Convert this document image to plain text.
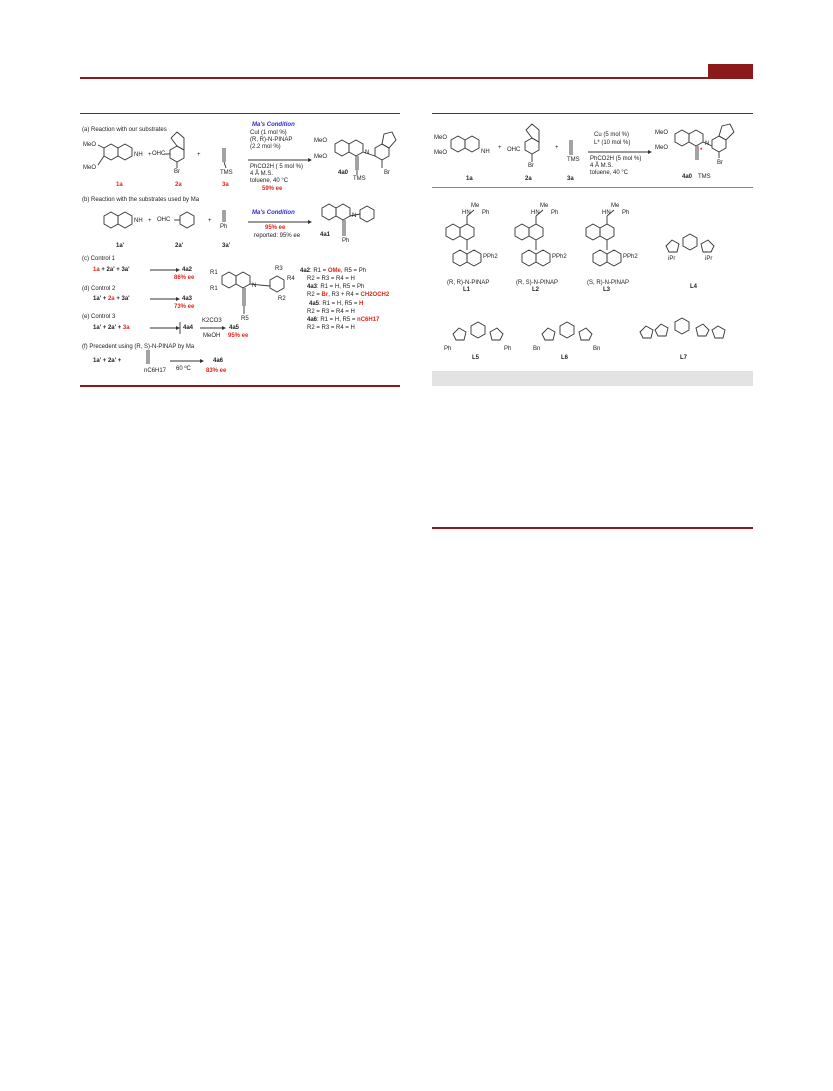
(a) Reaction with our substrates
MeO
MeO
NH + OHC
Br
+
TMS
Ma's Condition
CuI (1 mol %)
(R, R)-N-PINAP
(2.2 mol %)
PhCO2H ( 5 mol %)
4 Å M.S.
toluene, 40 °C
59% ee
MeO
MeO
N
TMS
Br
1a	2a	3a
4a0
(b) Reaction with the substrates used by Ma
NH + OHC	+
Ph
Ma's Condition
95% ee
reported: 95% ee
N
Ph
1a'	2a'	3a'
4a1
(c) Control 1
1a + 2a' + 3a'	4a2
86% ee
(d) Control 2
1a' + 2a + 3a'	4a3
73% ee
(e) Control 3
1a' + 2a' + 3a	4a4
K2CO3
MeOH
4a5
95% ee
(f) Precedent using (R, S)-N-PINAP by Ma
1a' + 2a' +
nC6H17 60 ºC
4a6
83% ee
R1
R1	N
R3
R4
R2
R5
4a2: R1 = OMe, R5 = Ph
R2 = R3 = R4 = H
4a3: R1 = H, R5 = Ph
R2 = Br, R3 + R4 = CH2OCH2
4a5: R1 = H, R5 = H
R2 = R3 = R4 = H
4a6: R1 = H, R5 = nC6H17
R2 = R3 = R4 = H
MeO
MeO	NH
+ OHC
Br
+
TMS
Cu (5 mol %)
L* (10 mol %)
PhCO2H (5 mol %)
4 Å M.S.
toluene, 40 °C
MeO
MeO
N
*
TMS
Br
1a	2a	3a	4a0
Me
HN Ph
PPh2
(R, R)-N-PINAP
L1
Me
HN Ph
PPh2
(R, S)-N-PINAP
L2
Me
HN Ph
PPh2
(S, R)-N-PINAP
L3
iPr	iPr
L4
Ph	Ph
L5
Bn	Bn
L6	L7
